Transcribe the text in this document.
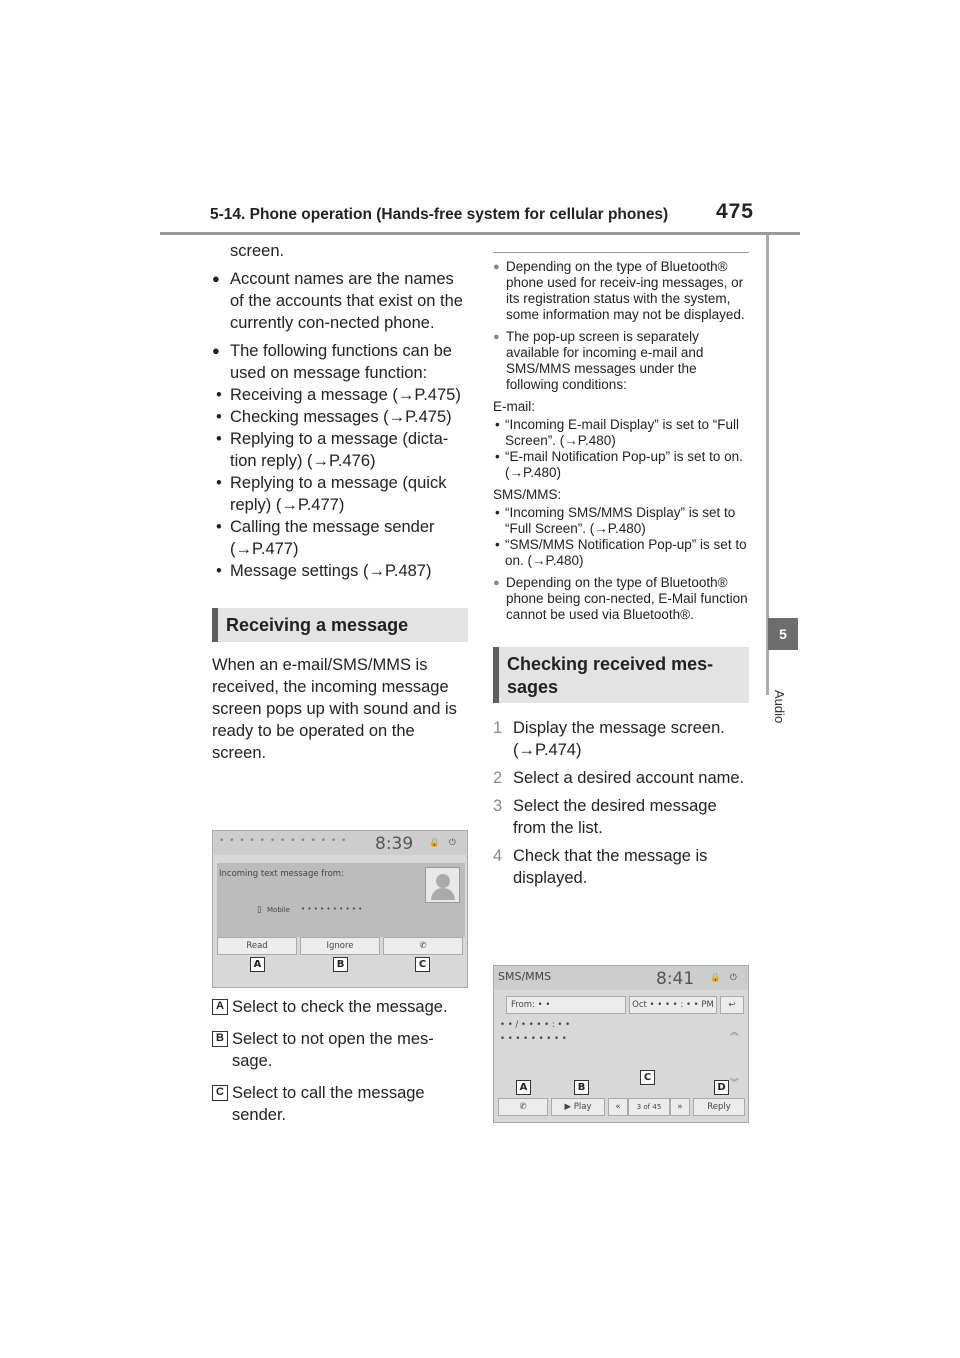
5-14. Phone operation (Hands-free system for cellular phones) 475
5
Audio
screen.
● Account names are the names of the accounts that exist on the currently con-nected phone.
● The following functions can be used on message function:
• Receiving a message (→P.475)
• Checking messages (→P.475)
• Replying to a message (dicta-tion reply) (→P.476)
• Replying to a message (quick reply) (→P.477)
• Calling the message sender (→P.477)
• Message settings (→P.487)
Receiving a message
When an e-mail/SMS/MMS is received, the incoming message screen pops up with sound and is ready to be operated on the screen.
• • • • • • • • • • • • • 8:39 🔒 ⏻
Incoming text message from:
▯ Mobile • • • • • • • • • •
Read	Ignore	✆
A	B	C
A Select to check the message.
B Select to not open the mes-sage.
C Select to call the message sender.
● Depending on the type of Bluetooth® phone used for receiv-ing messages, or its registration status with the system, some information may not be displayed.
● The pop-up screen is separately available for incoming e-mail and SMS/MMS messages under the following conditions:
E-mail:
• “Incoming E-mail Display” is set to “Full Screen”. (→P.480)
• “E-mail Notification Pop-up” is set to on. (→P.480)
SMS/MMS:
• “Incoming SMS/MMS Display” is set to “Full Screen”. (→P.480)
• “SMS/MMS Notification Pop-up” is set to on. (→P.480)
● Depending on the type of Bluetooth® phone being con-nected, E-Mail function cannot be used via Bluetooth®.
Checking received mes-sages
1 Display the message screen. (→P.474)
2 Select a desired account name.
3 Select the desired message from the list.
4 Check that the message is displayed.
SMS/MMS	8:41 🔒 ⏻
From: • •	Oct • • • • : • • PM	↩
• • / • • • • : • •
• • • • • • • • •
︽
︾
A	B
C
D
✆	▶ Play	«	3 of 45	»	Reply
